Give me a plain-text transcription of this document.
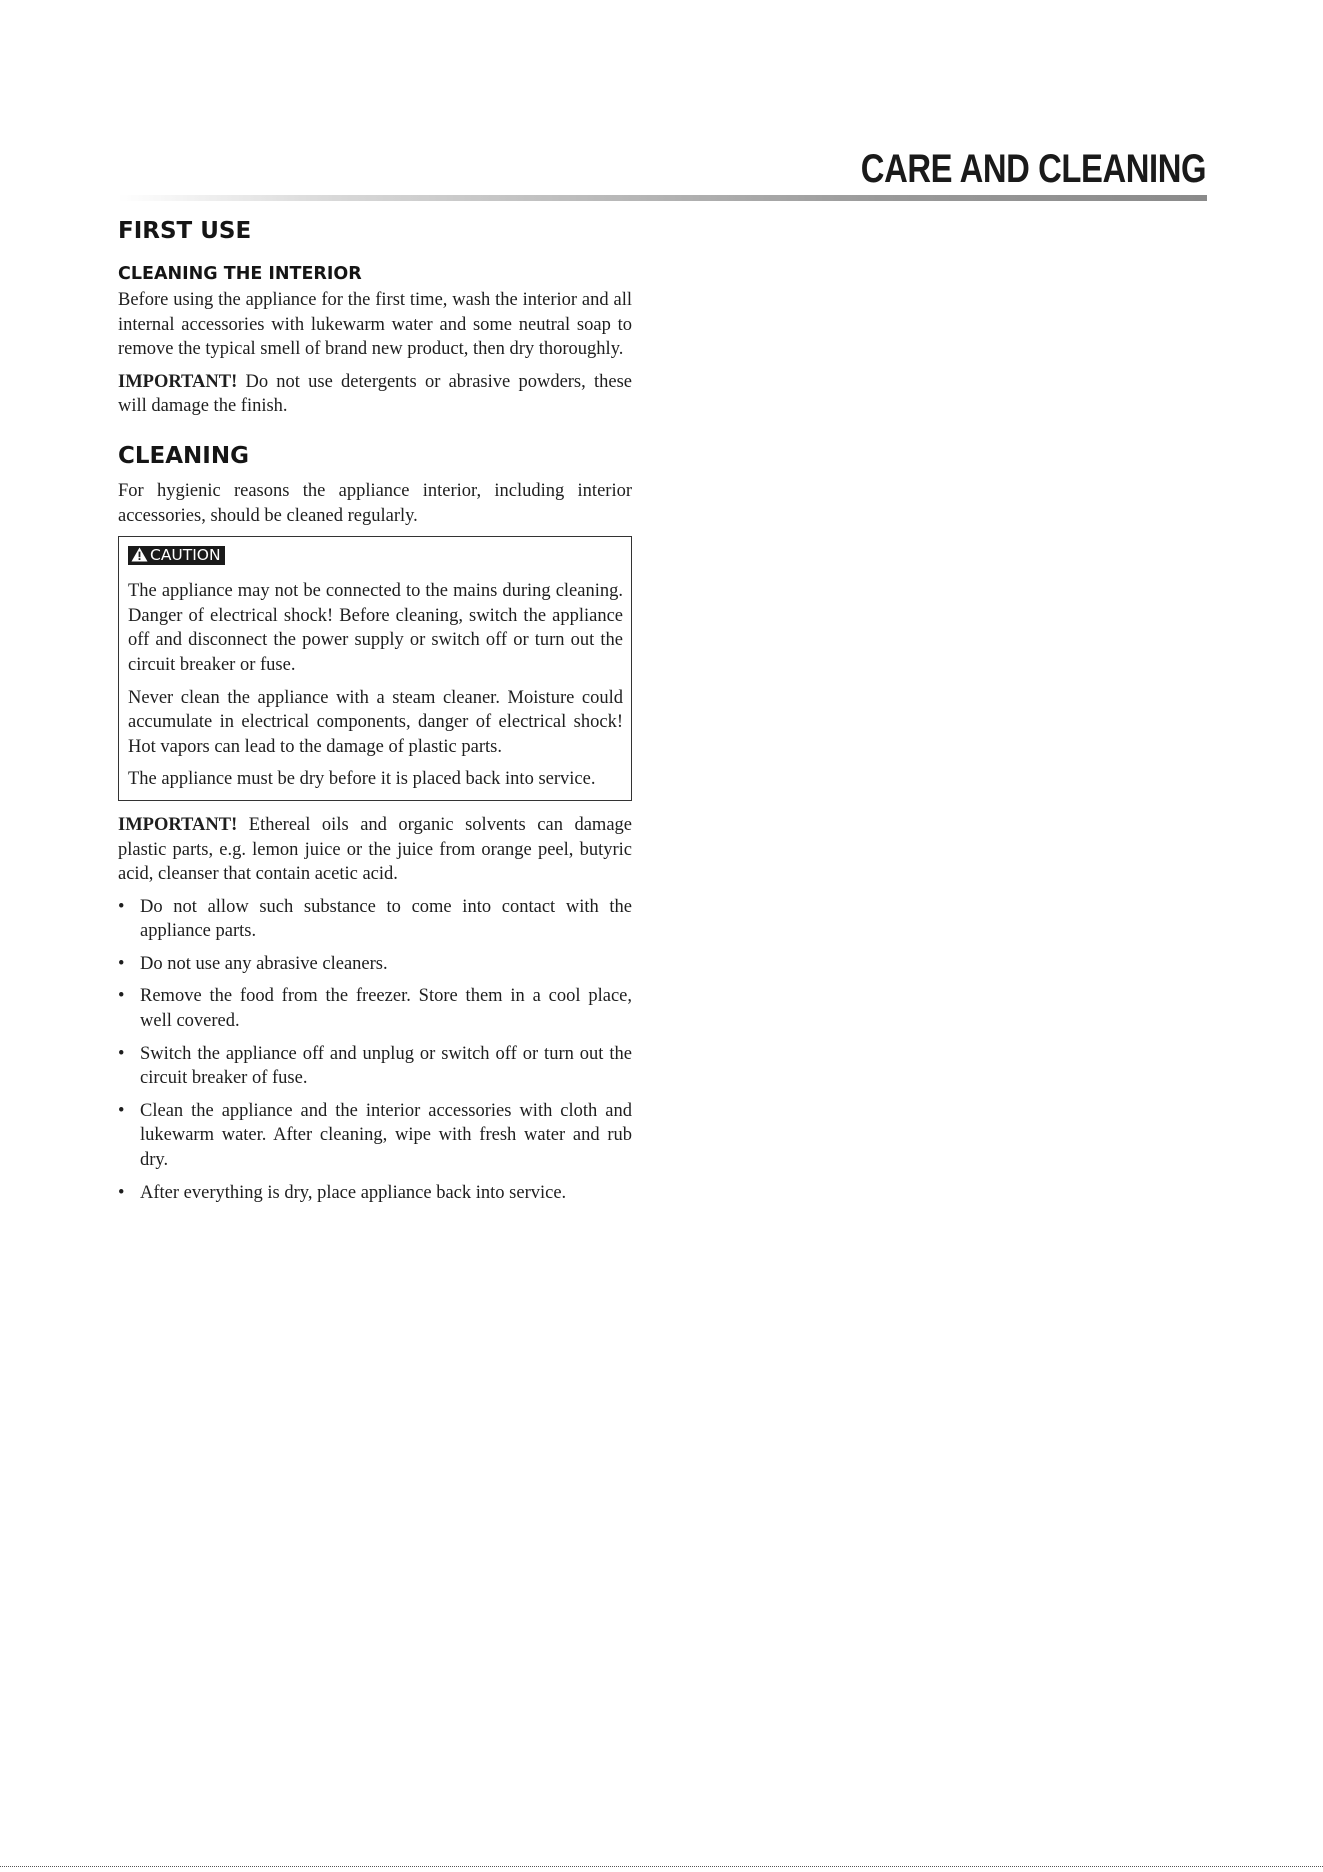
CARE AND CLEANING
FIRST USE
CLEANING THE INTERIOR

Before using the appliance for the first time, wash the interior and all internal accessories with lukewarm water and some neutral soap to remove the typical smell of brand new product, then dry thoroughly.

IMPORTANT! Do not use detergents or abrasive powders, these will damage the finish.

CLEANING

For hygienic reasons the appliance interior, including interior accessories, should be cleaned regularly.

CAUTION

The appliance may not be connected to the mains during cleaning. Danger of electrical shock! Before cleaning, switch the appliance off and disconnect the power supply or switch off or turn out the circuit breaker or fuse.

Never clean the appliance with a steam cleaner. Moisture could accumulate in electrical components, danger of electrical shock! Hot vapors can lead to the damage of plastic parts.

The appliance must be dry before it is placed back into service.

IMPORTANT! Ethereal oils and organic solvents can damage plastic parts, e.g. lemon juice or the juice from orange peel, butyric acid, cleanser that contain acetic acid.

• Do not allow such substance to come into contact with the appliance parts.
• Do not use any abrasive cleaners.
• Remove the food from the freezer. Store them in a cool place, well covered.
• Switch the appliance off and unplug or switch off or turn out the circuit breaker of fuse.
• Clean the appliance and the interior accessories with cloth and lukewarm water. After cleaning, wipe with fresh water and rub dry.
• After everything is dry, place appliance back into service.
